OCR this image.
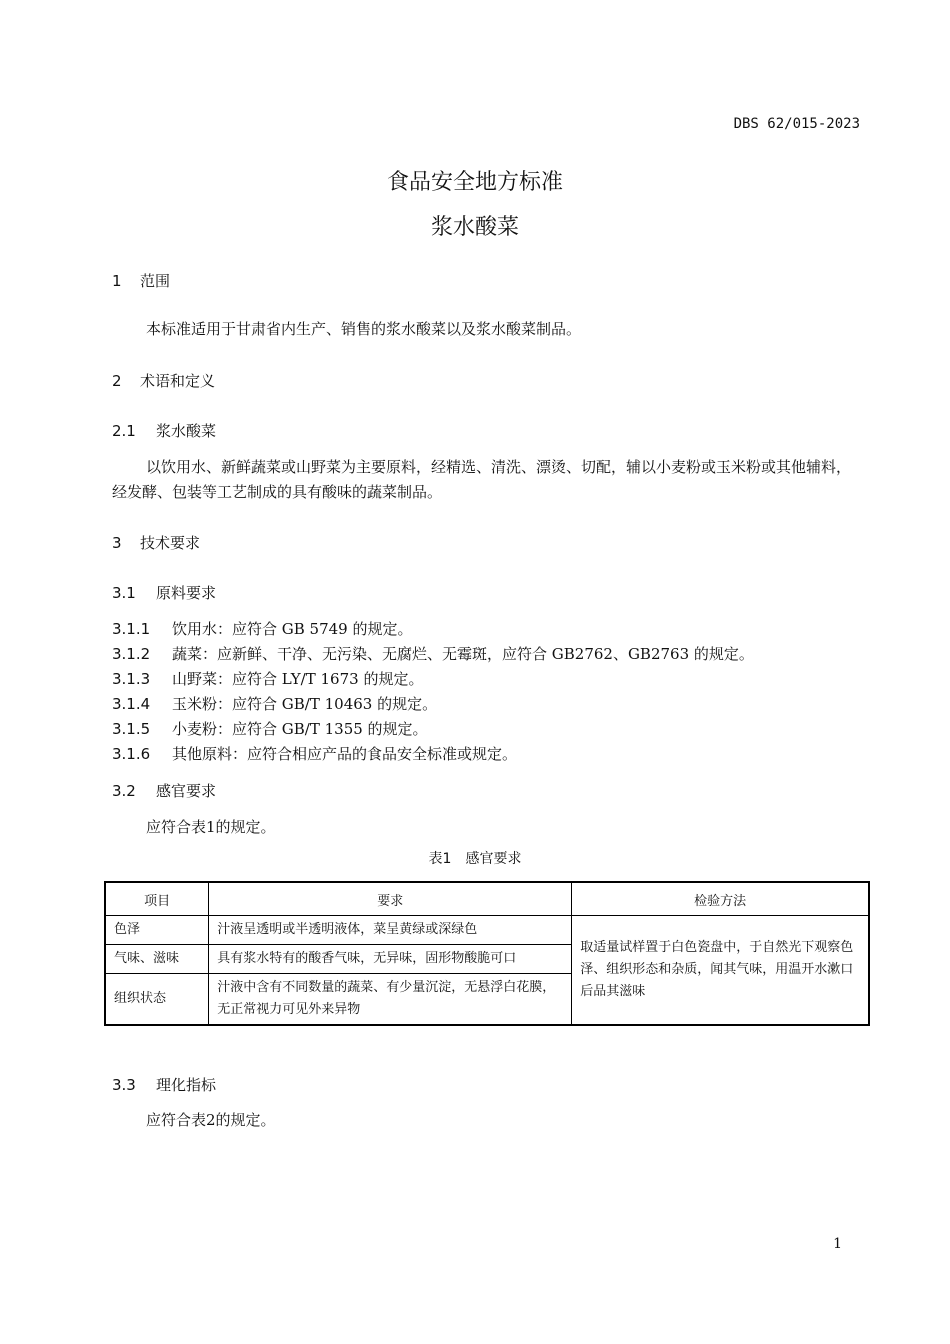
DBS 62/015-2023
食品安全地方标准
浆水酸菜
1 范围
本标准适用于甘肃省内生产、销售的浆水酸菜以及浆水酸菜制品。
2 术语和定义
2.1 浆水酸菜
以饮用水、新鲜蔬菜或山野菜为主要原料，经精选、清洗、漂烫、切配，辅以小麦粉或玉米粉或其他辅料，经发酵、包装等工艺制成的具有酸味的蔬菜制品。
3 技术要求
3.1 原料要求
3.1.1 饮用水：应符合 GB 5749 的规定。
3.1.2 蔬菜：应新鲜、干净、无污染、无腐烂、无霉斑，应符合 GB2762、GB2763 的规定。
3.1.3 山野菜：应符合 LY/T 1673 的规定。
3.1.4 玉米粉：应符合 GB/T 10463 的规定。
3.1.5 小麦粉：应符合 GB/T 1355 的规定。
3.1.6 其他原料：应符合相应产品的食品安全标准或规定。
3.2 感官要求
应符合表1的规定。
表1　感官要求
项目	要求	检验方法
色泽	汁液呈透明或半透明液体，菜呈黄绿或深绿色	取适量试样置于白色瓷盘中，于自然光下观察色泽、组织形态和杂质，闻其气味，用温开水漱口后品其滋味
气味、滋味	具有浆水特有的酸香气味，无异味，固形物酸脆可口	
组织状态	汁液中含有不同数量的蔬菜、有少量沉淀，无悬浮白花膜，无正常视力可见外来异物	
3.3 理化指标
应符合表2的规定。
1
